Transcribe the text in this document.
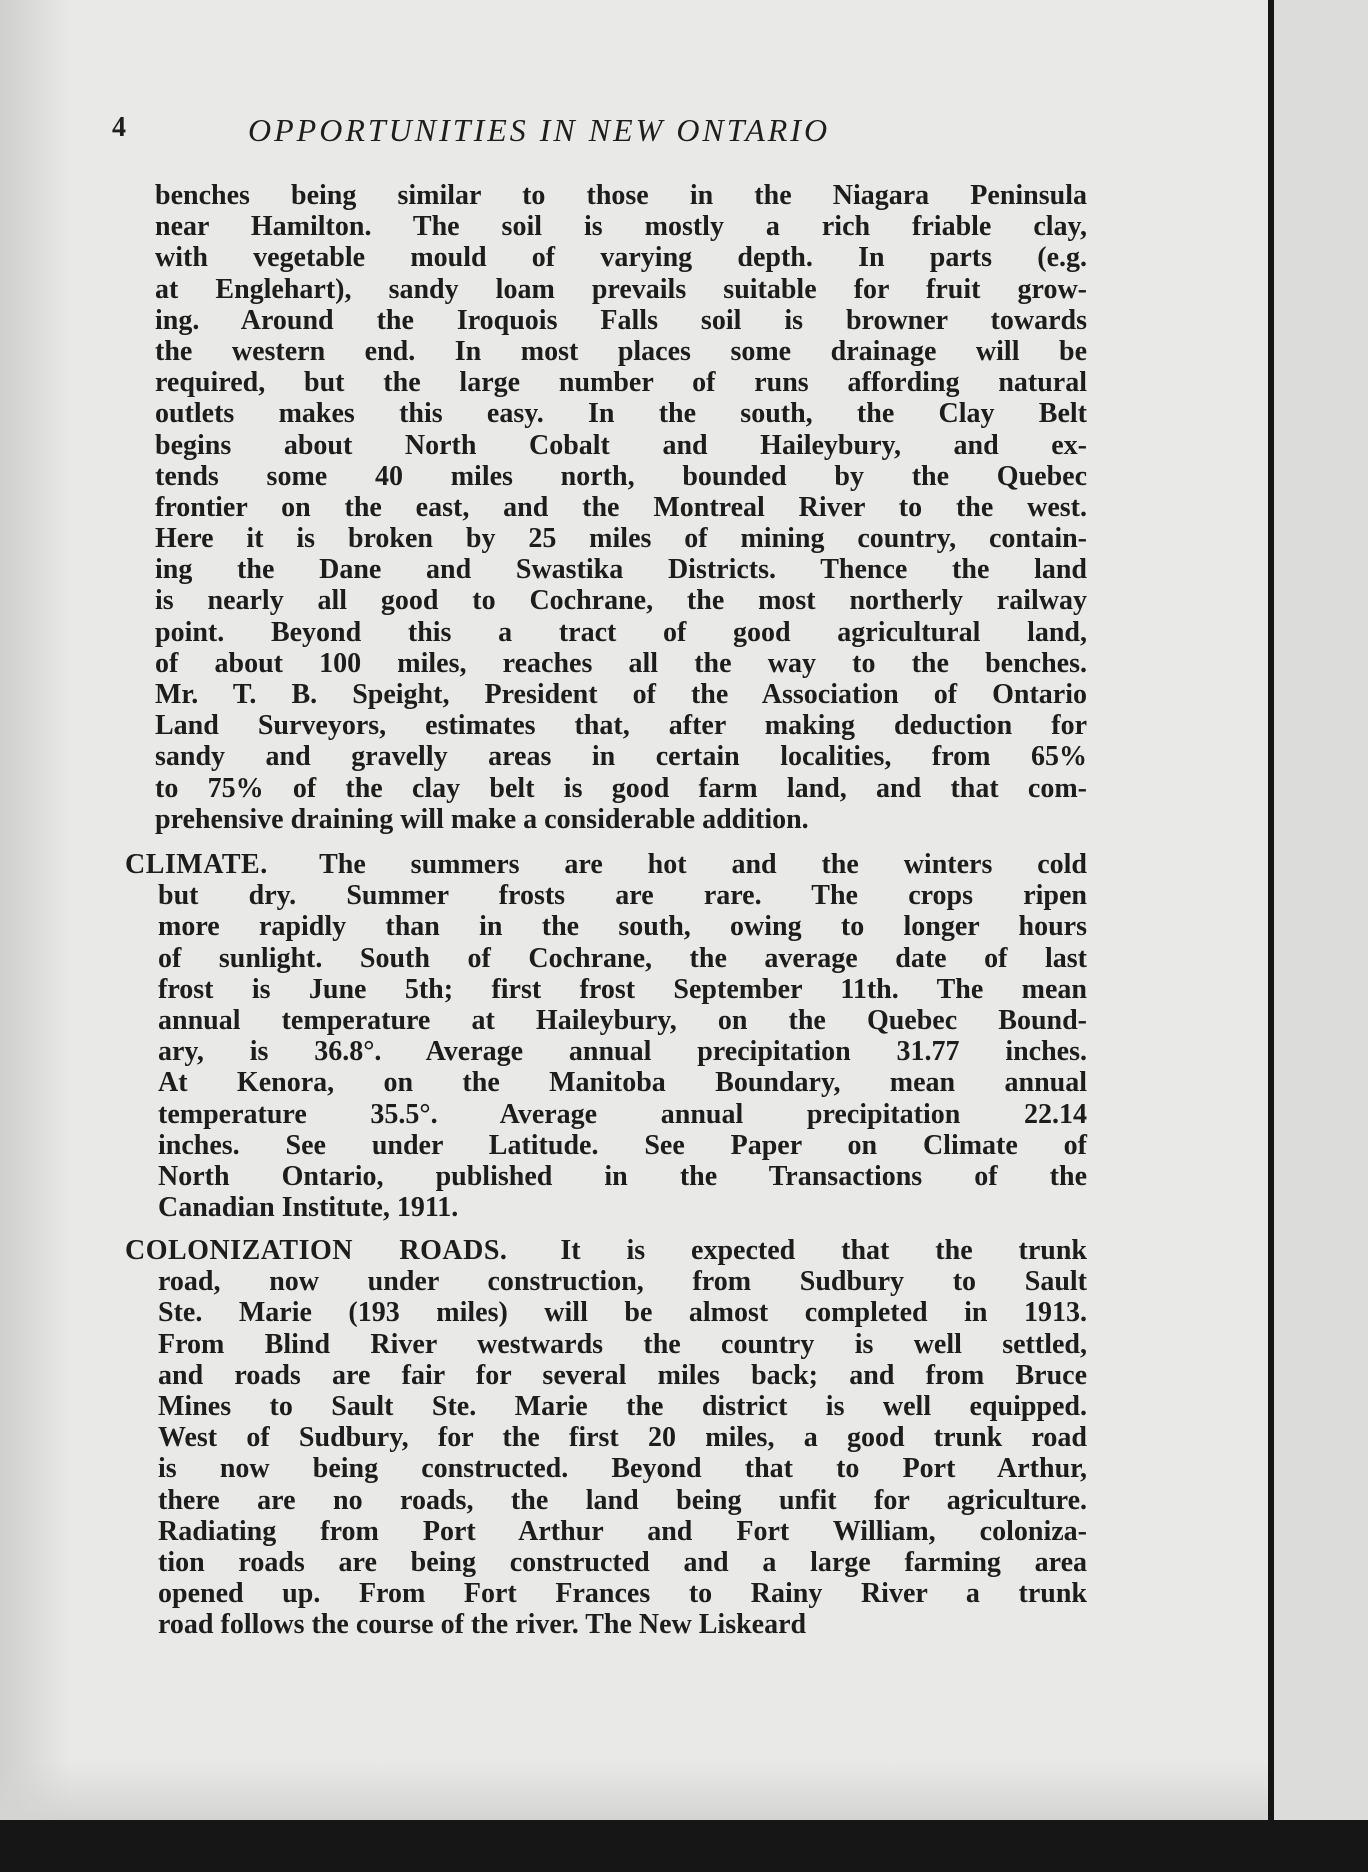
4	OPPORTUNITIES IN NEW ONTARIO
benches being similar to those in the Niagara Peninsula
near Hamilton. The soil is mostly a rich friable clay,
with vegetable mould of varying depth. In parts (e.g.
at Englehart), sandy loam prevails suitable for fruit grow-
ing. Around the Iroquois Falls soil is browner towards
the western end. In most places some drainage will be
required, but the large number of runs affording natural
outlets makes this easy. In the south, the Clay Belt
begins about North Cobalt and Haileybury, and ex-
tends some 40 miles north, bounded by the Quebec
frontier on the east, and the Montreal River to the west.
Here it is broken by 25 miles of mining country, contain-
ing the Dane and Swastika Districts. Thence the land
is nearly all good to Cochrane, the most northerly railway
point. Beyond this a tract of good agricultural land,
of about 100 miles, reaches all the way to the benches.
Mr. T. B. Speight, President of the Association of Ontario
Land Surveyors, estimates that, after making deduction for
sandy and gravelly areas in certain localities, from 65%
to 75% of the clay belt is good farm land, and that com-
prehensive draining will make a considerable addition.
CLIMATE. The summers are hot and the winters cold
but dry. Summer frosts are rare. The crops ripen
more rapidly than in the south, owing to longer hours
of sunlight. South of Cochrane, the average date of last
frost is June 5th; first frost September 11th. The mean
annual temperature at Haileybury, on the Quebec Bound-
ary, is 36.8°. Average annual precipitation 31.77 inches.
At Kenora, on the Manitoba Boundary, mean annual
temperature 35.5°. Average annual precipitation 22.14
inches. See under Latitude. See Paper on Climate of
North Ontario, published in the Transactions of the
Canadian Institute, 1911.
COLONIZATION ROADS. It is expected that the trunk
road, now under construction, from Sudbury to Sault
Ste. Marie (193 miles) will be almost completed in 1913.
From Blind River westwards the country is well settled,
and roads are fair for several miles back; and from Bruce
Mines to Sault Ste. Marie the district is well equipped.
West of Sudbury, for the first 20 miles, a good trunk road
is now being constructed. Beyond that to Port Arthur,
there are no roads, the land being unfit for agriculture.
Radiating from Port Arthur and Fort William, coloniza-
tion roads are being constructed and a large farming area
opened up. From Fort Frances to Rainy River a trunk
road follows the course of the river. The New Liskeard
